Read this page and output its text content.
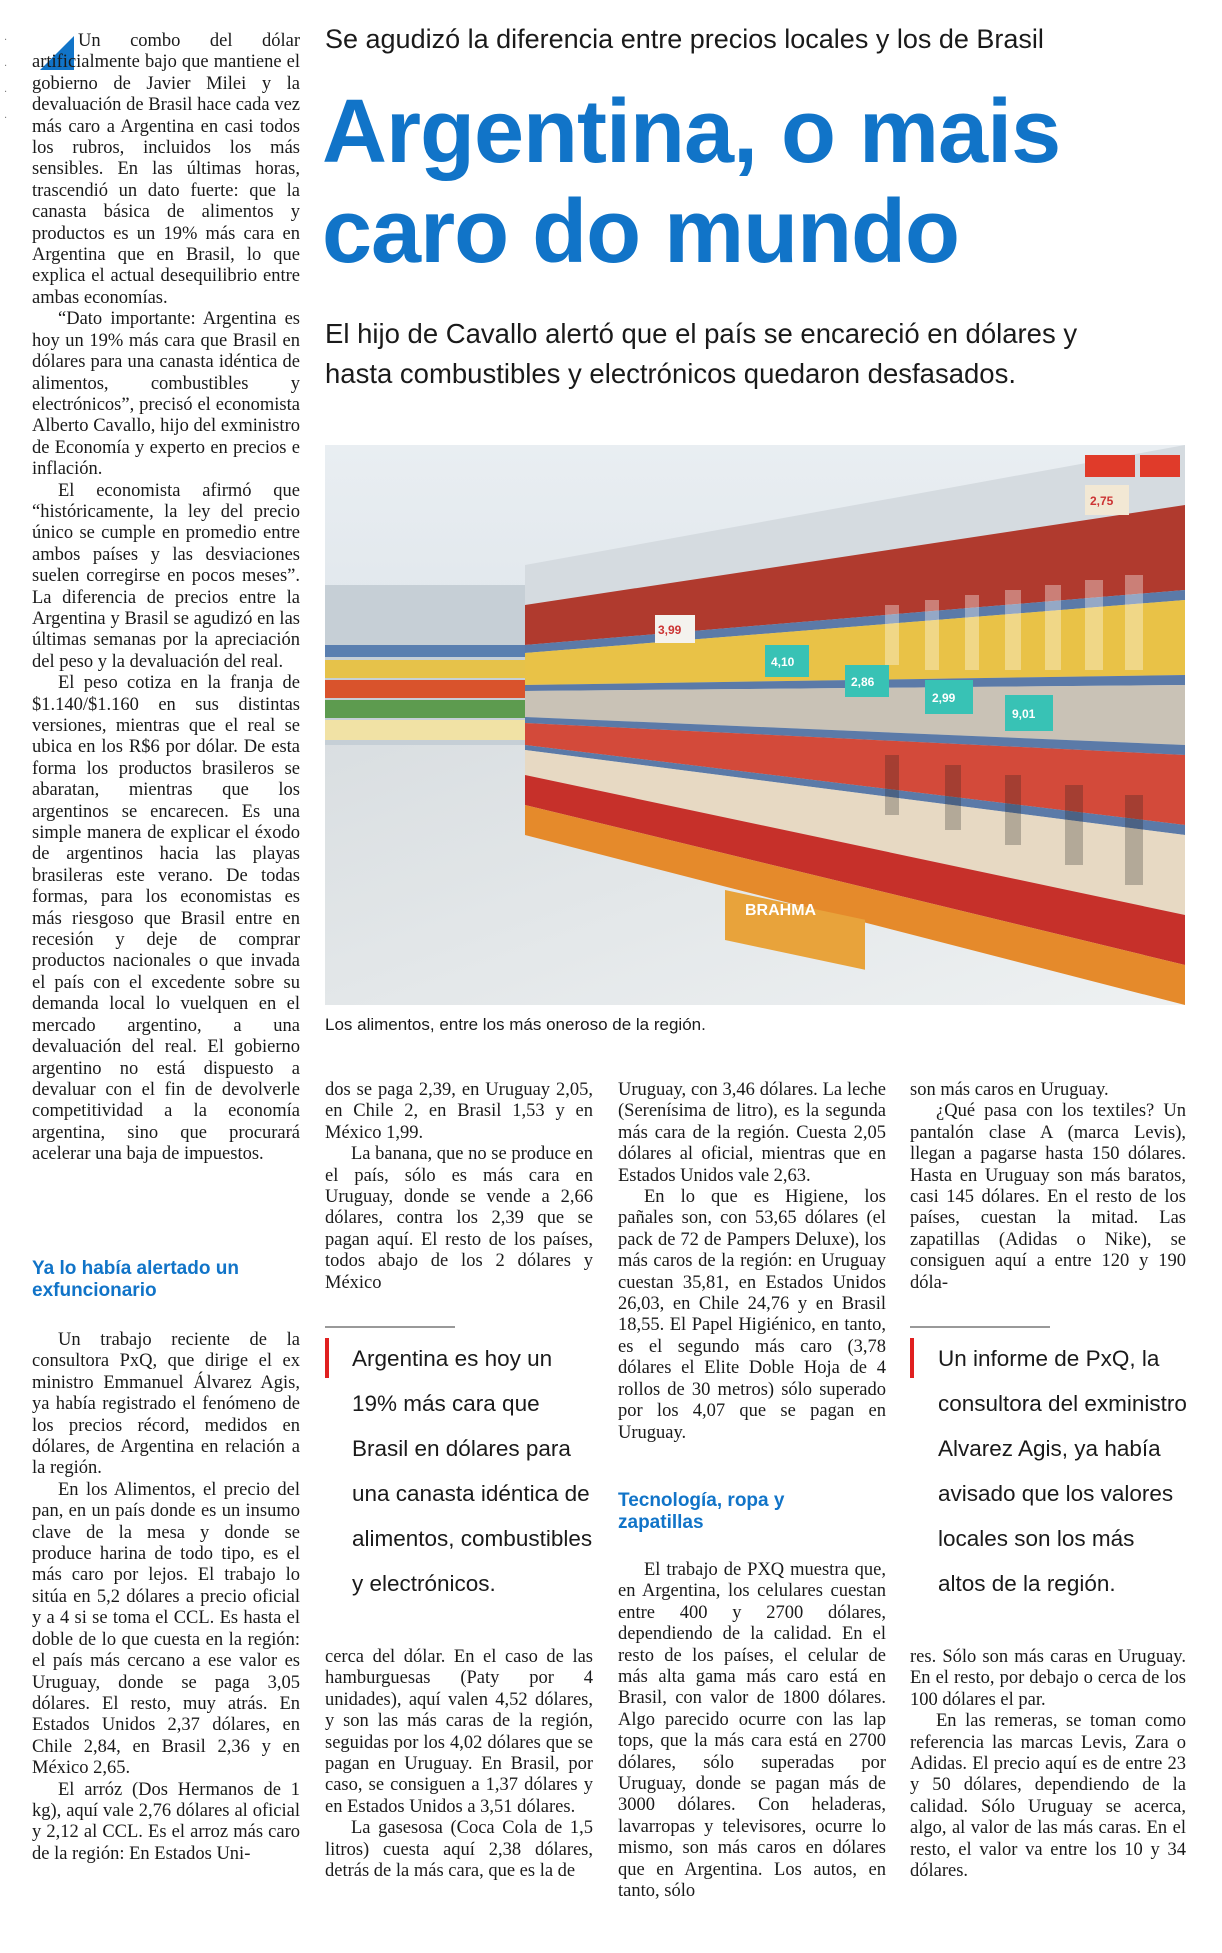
·
·
·
·
Se agudizó la diferencia entre precios locales y los de Brasil
Argentina, o mais caro do mundo
El hijo de Cavallo alertó que el país se encareció en dólares y hasta combustibles y electrónicos quedaron desfasados.
BRAHMA
4,10
2,86
2,99
9,01
2,75
3,99
Los alimentos, entre los más oneroso de la región.

Un combo del dólar artificialmente bajo que mantiene el gobierno de Javier Milei y la devaluación de Brasil hace cada vez más caro a Argentina en casi todos los rubros, incluidos los más sensibles. En las últimas horas, trascendió un dato fuerte: que la canasta básica de alimentos y productos es un 19% más cara en Argentina que en Brasil, lo que explica el actual desequilibrio entre ambas economías.

“Dato importante: Argentina es hoy un 19% más cara que Brasil en dólares para una canasta idéntica de alimentos, combustibles y electrónicos”, precisó el economista Alberto Cavallo, hijo del exministro de Economía y experto en precios e inflación.

El economista afirmó que “históricamente, la ley del precio único se cumple en promedio entre ambos países y las desviaciones suelen corregirse en pocos meses”. La diferencia de precios entre la Argentina y Brasil se agudizó en las últimas semanas por la apreciación del peso y la devaluación del real.

El peso cotiza en la franja de $1.140/$1.160 en sus distintas versiones, mientras que el real se ubica en los R$6 por dólar. De esta forma los productos brasileros se abaratan, mientras que los argentinos se encarecen. Es una simple manera de explicar el éxodo de argentinos hacia las playas brasileras este verano. De todas formas, para los economistas es más riesgoso que Brasil entre en recesión y deje de comprar productos nacionales o que invada el país con el excedente sobre su demanda local lo vuelquen en el mercado argentino, a una devaluación del real. El gobierno argentino no está dispuesto a devaluar con el fin de devolverle competitividad a la economía argentina, sino que procurará acelerar una baja de impuestos.

Ya lo había alertado un exfuncionario

Un trabajo reciente de la consultora PxQ, que dirige el ex ministro Emmanuel Álvarez Agis, ya había registrado el fenómeno de los precios récord, medidos en dólares, de Argentina en relación a la región.

En los Alimentos, el precio del pan, en un país donde es un insumo clave de la mesa y donde se produce harina de todo tipo, es el más caro por lejos. El trabajo lo sitúa en 5,2 dólares a precio oficial y a 4 si se toma el CCL. Es hasta el doble de lo que cuesta en la región: el país más cercano a ese valor es Uruguay, donde se paga 3,05 dólares. El resto, muy atrás. En Estados Unidos 2,37 dólares, en Chile 2,84, en Brasil 2,36 y en México 2,65.

El arróz (Dos Hermanos de 1 kg), aquí vale 2,76 dólares al oficial y 2,12 al CCL. Es el arroz más caro de la región: En Estados Uni-

dos se paga 2,39, en Uruguay 2,05, en Chile 2, en Brasil 1,53 y en México 1,99.

La banana, que no se produce en el país, sólo es más cara en Uruguay, donde se vende a 2,66 dólares, contra los 2,39 que se pagan aquí. El resto de los países, todos abajo de los 2 dólares y México

Argentina es hoy un 19% más cara que Brasil en dólares para una canasta idéntica de alimentos, combustibles y electrónicos.

cerca del dólar. En el caso de las hamburguesas (Paty por 4 unidades), aquí valen 4,52 dólares, y son las más caras de la región, seguidas por los 4,02 dólares que se pagan en Uruguay. En Brasil, por caso, se consiguen a 1,37 dólares y en Estados Unidos a 3,51 dólares.

La gasesosa (Coca Cola de 1,5 litros) cuesta aquí 2,38 dólares, detrás de la más cara, que es la de

Uruguay, con 3,46 dólares. La leche (Serenísima de litro), es la segunda más cara de la región. Cuesta 2,05 dólares al oficial, mientras que en Estados Unidos vale 2,63.

En lo que es Higiene, los pañales son, con 53,65 dólares (el pack de 72 de Pampers Deluxe), los más caros de la región: en Uruguay cuestan 35,81, en Estados Unidos 26,03, en Chile 24,76 y en Brasil 18,55. El Papel Higiénico, en tanto, es el segundo más caro (3,78 dólares el Elite Doble Hoja de 4 rollos de 30 metros) sólo superado por los 4,07 que se pagan en Uruguay.

Tecnología, ropa y zapatillas

El trabajo de PXQ muestra que, en Argentina, los celulares cuestan entre 400 y 2700 dólares, dependiendo de la calidad. En el resto de los países, el celular de más alta gama más caro está en Brasil, con valor de 1800 dólares. Algo parecido ocurre con las lap tops, que la más cara está en 2700 dólares, sólo superadas por Uruguay, donde se pagan más de 3000 dólares. Con heladeras, lavarropas y televisores, ocurre lo mismo, son más caros en dólares que en Argentina. Los autos, en tanto, sólo

son más caros en Uruguay.

¿Qué pasa con los textiles? Un pantalón clase A (marca Levis), llegan a pagarse hasta 150 dólares. Hasta en Uruguay son más baratos, casi 145 dólares. En el resto de los países, cuestan la mitad. Las zapatillas (Adidas o Nike), se consiguen aquí a entre 120 y 190 dóla-

Un informe de PxQ, la consultora del exministro Alvarez Agis, ya había avisado que los valores locales son los más altos de la región.

res. Sólo son más caras en Uruguay. En el resto, por debajo o cerca de los 100 dólares el par.

En las remeras, se toman como referencia las marcas Levis, Zara o Adidas. El precio aquí es de entre 23 y 50 dólares, dependiendo de la calidad. Sólo Uruguay se acerca, algo, al valor de las más caras. En el resto, el valor va entre los 10 y 34 dólares.
